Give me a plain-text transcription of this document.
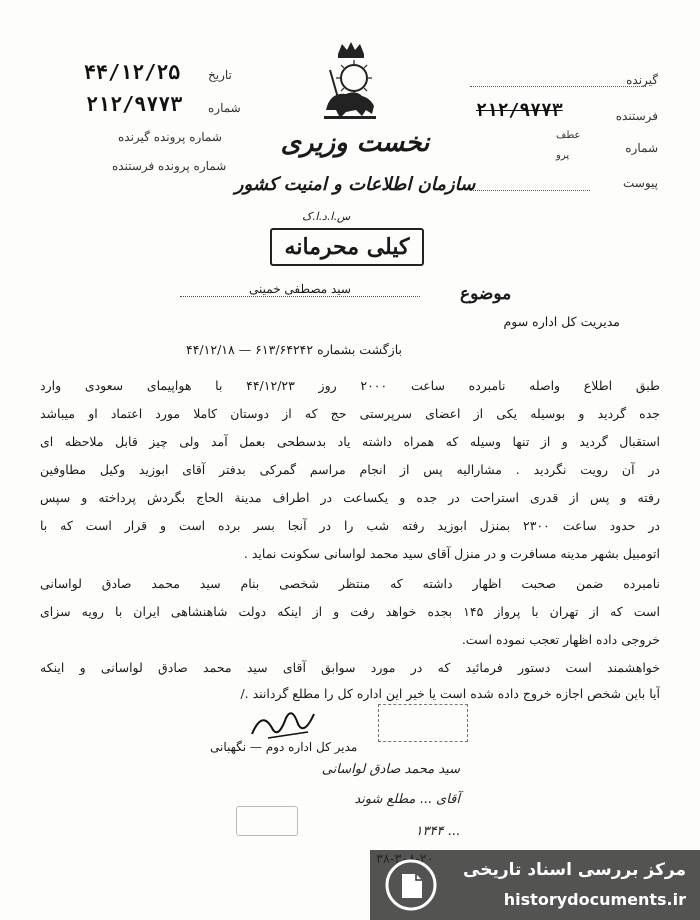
تاریخ
۴۴/۱۲/۲۵
شماره
۲۱۲/۹۷۷۳
شماره پرونده گیرنده
شماره پرونده فرستنده
نخست وزیری
سازمان اطلاعات و امنیت کشور
گیرنده
فرستنده
۲۱۲/۹۷۷۳
شماره
عطف
پرو
پیوست
س.ا.د.ا.ک
کیلی محرمانه
سید مصطفی خمینی	موضوع
مدیریت کل اداره سوم
بازگشت بشماره ۶۱۳/۶۴۲۴۲ — ۴۴/۱۲/۱۸
طبق اطلاع واصله نامبرده ساعت ۲۰۰۰ روز ۴۴/۱۲/۲۳ با هواپیمای سعودی وارد
جده گردید و بوسیله یکی از اعضای سرپرستی حج که از دوستان کاملا مورد اعتماد او میباشد
استقبال گردید و از تنها وسیله که همراه داشته یاد بدسطحی بعمل آمد ولی چیز قابل ملاحظه ای
در آن رویت نگردید . مشارالیه پس از انجام مراسم گمرکی بدفتر آقای ابوزید وکیل مطاوفین
رفته و پس از قدری استراحت در جده و یکساعت در اطراف مدینة الحاج بگردش پرداخته و سپس
در حدود ساعت ۲۳۰۰ بمنزل ابوزید رفته شب را در آنجا بسر برده است و قرار است که با
اتومبیل بشهر مدینه مسافرت و در منزل آقای سید محمد لواسانی سکونت نماید .
نامبرده ضمن صحبت اظهار داشته که منتظر شخصی بنام سید محمد صادق لواسانی
است که از تهران با پرواز ۱۴۵ بجده خواهد رفت و از اینکه دولت شاهنشاهی ایران با رویه سزای
خروجی داده اظهار تعجب نموده است.
خواهشمند است دستور فرمائید که در مورد سوابق آقای سید محمد صادق لواسانی و اینکه
آیا باین شخص اجازه خروج داده شده است یا خیر این اداره کل را مطلع گردانند ./
مدیر کل اداره دوم — نگهبانی
سید محمد صادق لواسانی
آقای ... مطلع شوند
... ۱۳۴۴
مرکز بررسی اسناد تاریخی
historydocuments.ir
